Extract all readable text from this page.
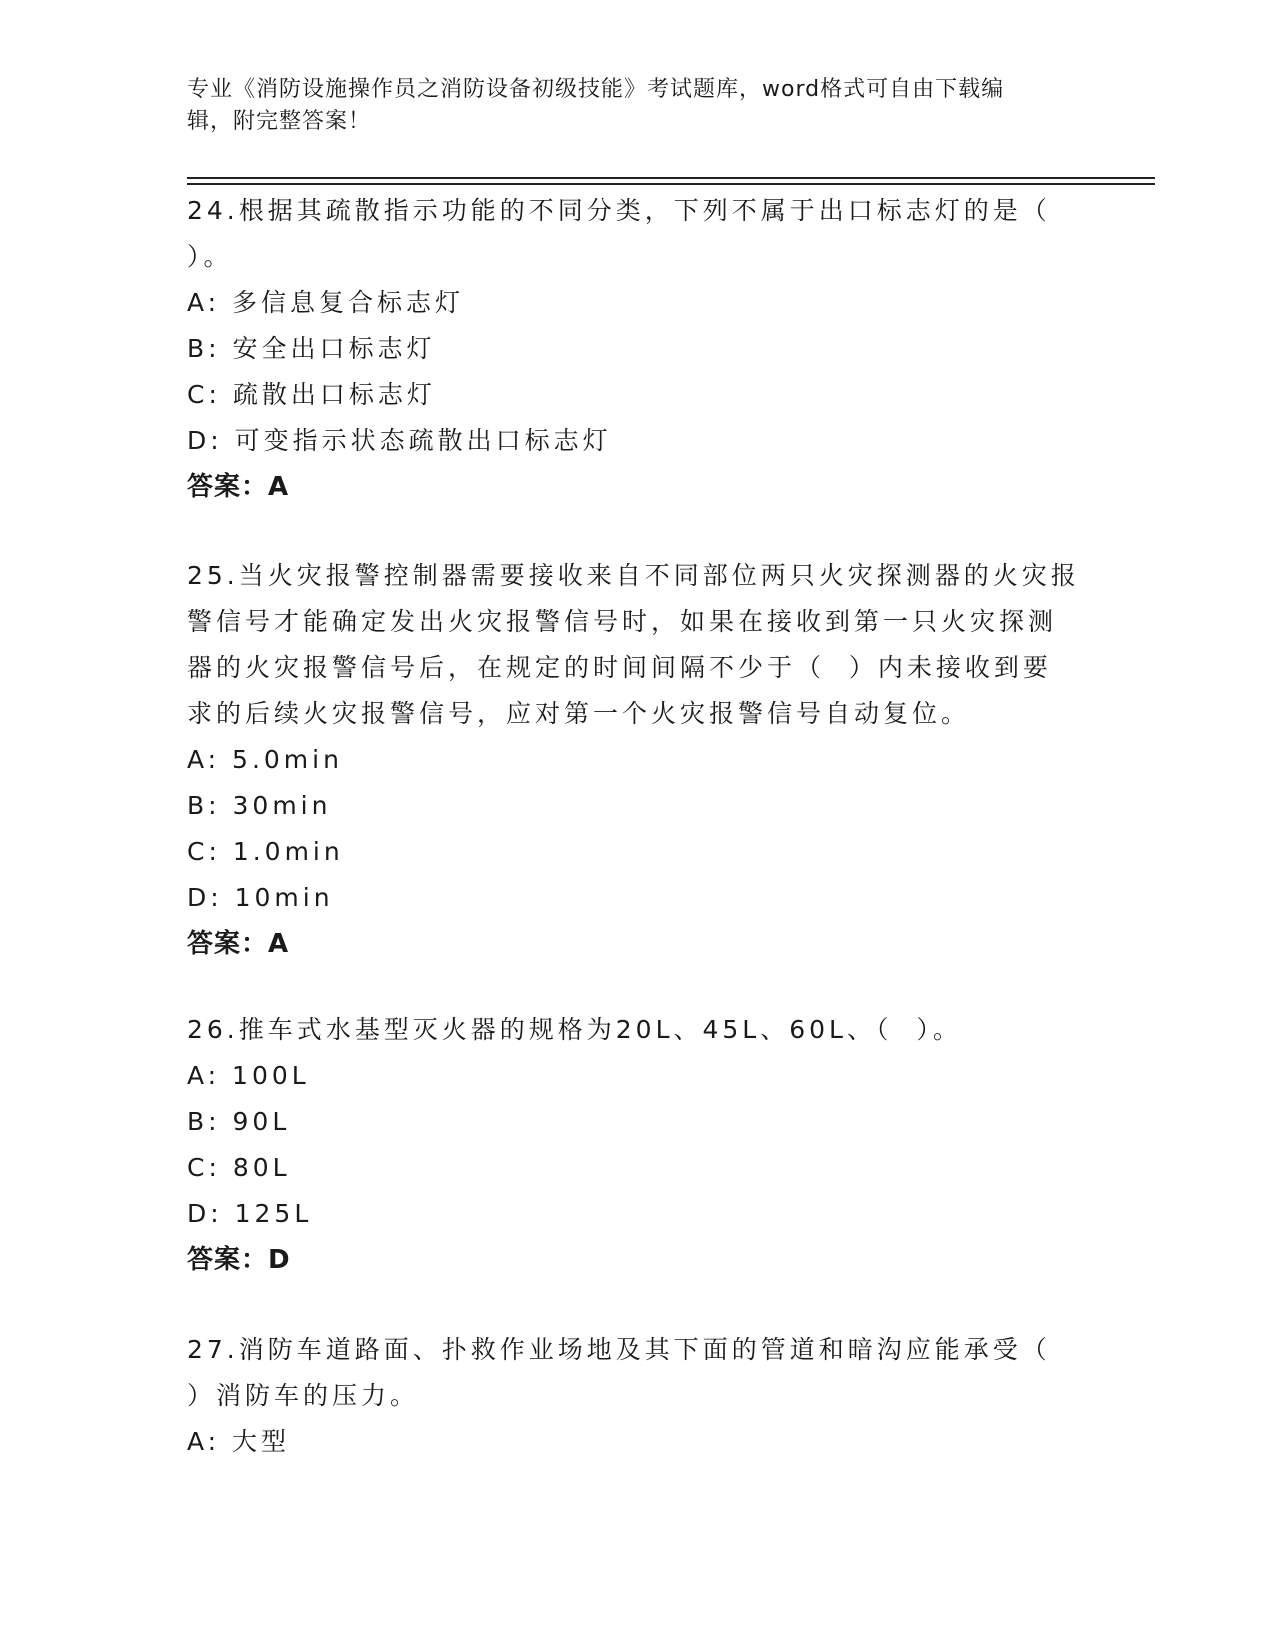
专业《消防设施操作员之消防设备初级技能》考试题库，word格式可自由下载编
辑，附完整答案！
24.根据其疏散指示功能的不同分类，下列不属于出口标志灯的是（
）。
A: 多信息复合标志灯
B: 安全出口标志灯
C: 疏散出口标志灯
D: 可变指示状态疏散出口标志灯
答案：A
25.当火灾报警控制器需要接收来自不同部位两只火灾探测器的火灾报
警信号才能确定发出火灾报警信号时，如果在接收到第一只火灾探测
器的火灾报警信号后，在规定的时间间隔不少于（  ）内未接收到要
求的后续火灾报警信号，应对第一个火灾报警信号自动复位。
A: 5.0min
B: 30min
C: 1.0min
D: 10min
答案：A
26.推车式水基型灭火器的规格为20L、45L、60L、（  ）。
A: 100L
B: 90L
C: 80L
D: 125L
答案：D
27.消防车道路面、扑救作业场地及其下面的管道和暗沟应能承受（
）消防车的压力。
A: 大型
